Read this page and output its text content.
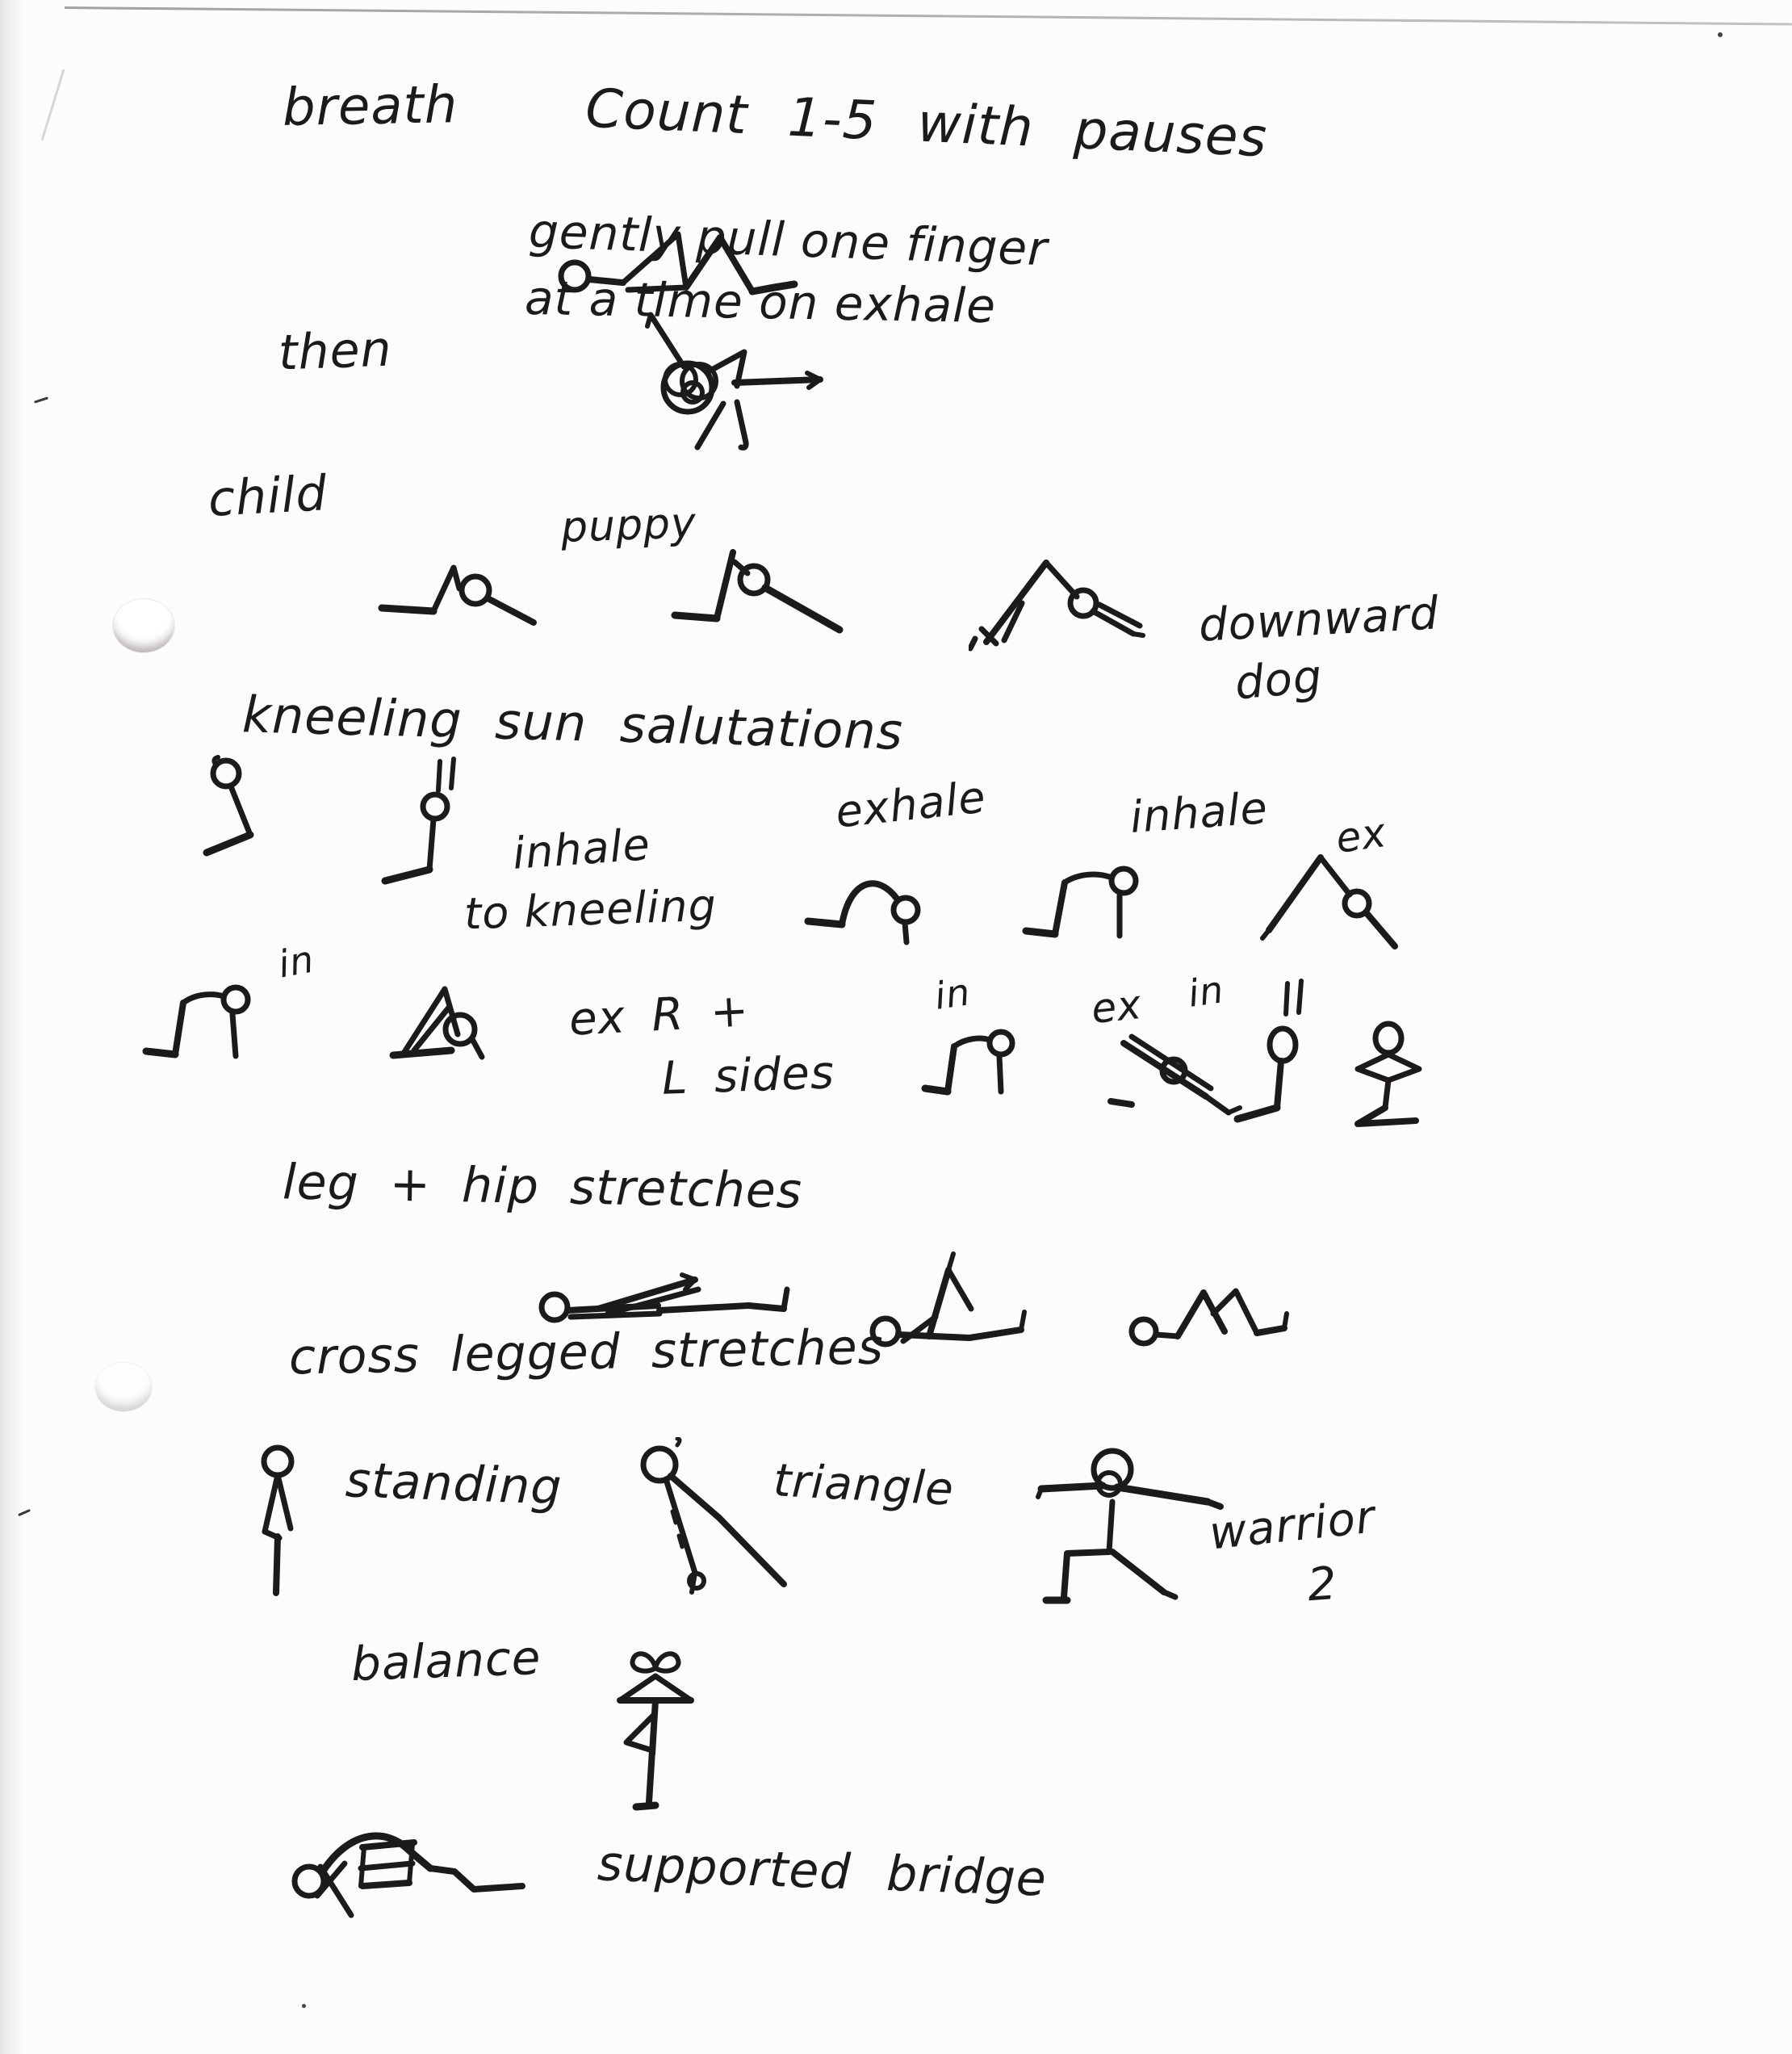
breath Count 1-5 with pauses
then
gently pull one finger
at a time on exhale
child	puppy
downward
dog
kneeling sun salutations
inhale
to kneeling
exhale	inhale ex
in
ex R +
L sides
in	ex in
leg + hip stretches
cross legged stretches
standing	triangle
warrior
2
balance
supported bridge
